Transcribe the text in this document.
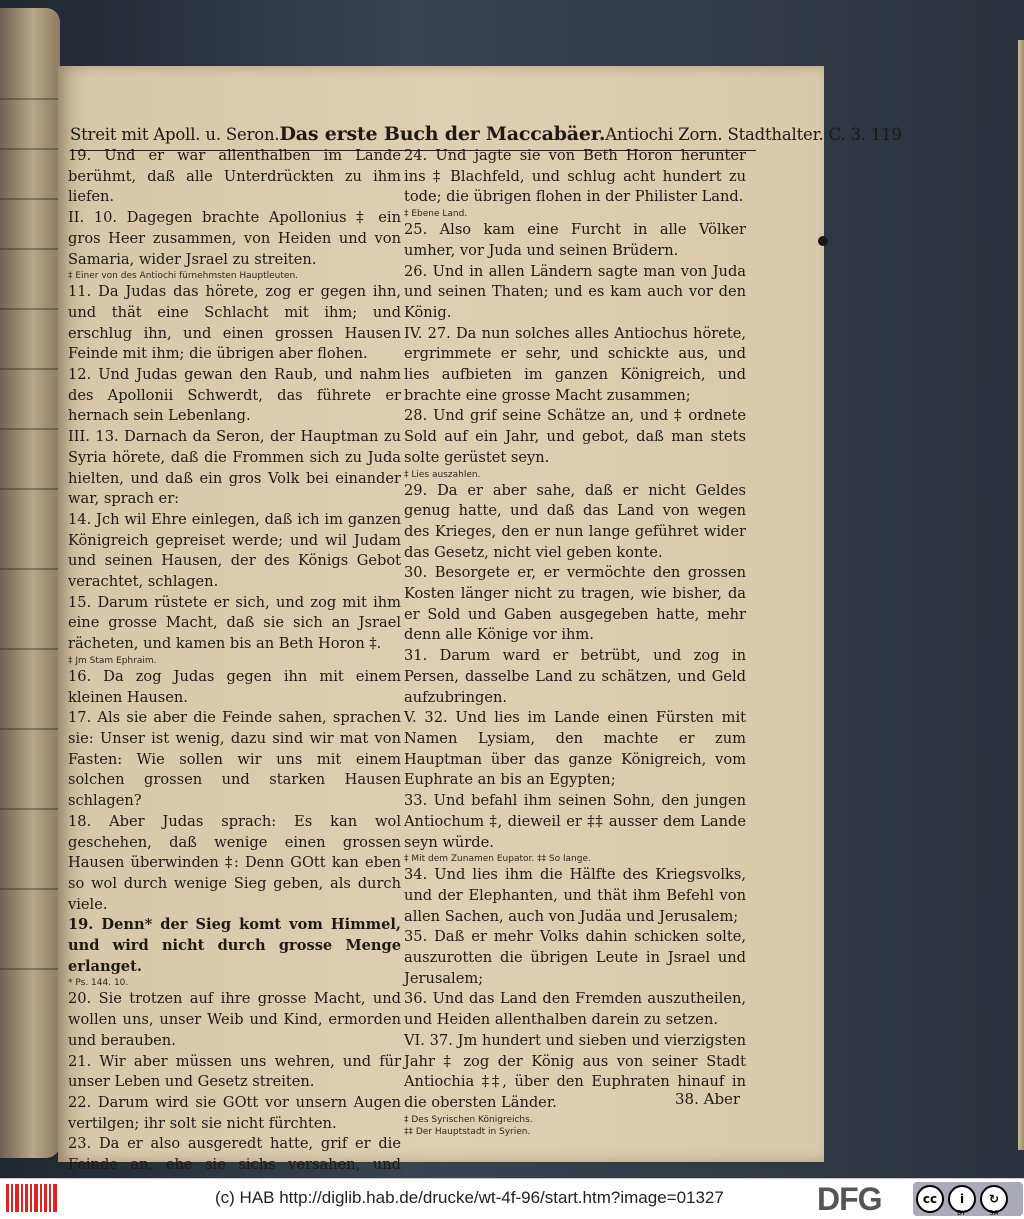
Streit mit Apoll. u. Seron. Das erste Buch der Maccabäer. Antiochi Zorn. Stadthalter. C. 3. 119
19. Und er war allenthalben im Lande berühmt, daß alle Unterdrückten zu ihm liefen.
II. 10. Dagegen brachte Apollonius ‡ ein gros Heer zusammen, von Heiden und von Samaria, wider Jsrael zu streiten.
‡ Einer von des Antiochi fürnehmsten Hauptleuten.
11. Da Judas das hörete, zog er gegen ihn, und thät eine Schlacht mit ihm; und erschlug ihn, und einen grossen Hausen Feinde mit ihm; die übrigen aber flohen.
12. Und Judas gewan den Raub, und nahm des Apollonii Schwerdt, das führete er hernach sein Lebenlang.
III. 13. Darnach da Seron, der Hauptman zu Syria hörete, daß die Frommen sich zu Juda hielten, und daß ein gros Volk bei einander war, sprach er:
14. Jch wil Ehre einlegen, daß ich im ganzen Königreich gepreiset werde; und wil Judam und seinen Hausen, der des Königs Gebot verachtet, schlagen.
15. Darum rüstete er sich, und zog mit ihm eine grosse Macht, daß sie sich an Jsrael rächeten, und kamen bis an Beth Horon ‡.
‡ Jm Stam Ephraim.
16. Da zog Judas gegen ihn mit einem kleinen Hausen.
17. Als sie aber die Feinde sahen, sprachen sie: Unser ist wenig, dazu sind wir mat von Fasten: Wie sollen wir uns mit einem solchen grossen und starken Hausen schlagen?
18. Aber Judas sprach: Es kan wol geschehen, daß wenige einen grossen Hausen überwinden ‡: Denn GOtt kan eben so wol durch wenige Sieg geben, als durch viele.
19. Denn* der Sieg komt vom Himmel, und wird nicht durch grosse Menge erlanget.
* Ps. 144. 10.
20. Sie trotzen auf ihre grosse Macht, und wollen uns, unser Weib und Kind, ermorden und berauben.
21. Wir aber müssen uns wehren, und für unser Leben und Gesetz streiten.
22. Darum wird sie GOtt vor unsern Augen vertilgen; ihr solt sie nicht fürchten.
23. Da er also ausgeredt hatte, grif er die Feinde an, ehe sie sichs versahen, und
24. Und jagte sie von Beth Horon herunter ins ‡ Blachfeld, und schlug acht hundert zu tode; die übrigen flohen in der Philister Land.
‡ Ebene Land.
25. Also kam eine Furcht in alle Völker umher, vor Juda und seinen Brüdern.
26. Und in allen Ländern sagte man von Juda und seinen Thaten; und es kam auch vor den König.
IV. 27. Da nun solches alles Antiochus hörete, ergrimmete er sehr, und schickte aus, und lies aufbieten im ganzen Königreich, und brachte eine grosse Macht zusammen;
28. Und grif seine Schätze an, und ‡ ordnete Sold auf ein Jahr, und gebot, daß man stets solte gerüstet seyn.
‡ Lies auszahlen.
29. Da er aber sahe, daß er nicht Geldes genug hatte, und daß das Land von wegen des Krieges, den er nun lange geführet wider das Gesetz, nicht viel geben konte.
30. Besorgete er, er vermöchte den grossen Kosten länger nicht zu tragen, wie bisher, da er Sold und Gaben ausgegeben hatte, mehr denn alle Könige vor ihm.
31. Darum ward er betrübt, und zog in Persen, dasselbe Land zu schätzen, und Geld aufzubringen.
V. 32. Und lies im Lande einen Fürsten mit Namen Lysiam, den machte er zum Hauptman über das ganze Königreich, vom Euphrate an bis an Egypten;
33. Und befahl ihm seinen Sohn, den jungen Antiochum ‡, dieweil er ‡‡ ausser dem Lande seyn würde.
‡ Mit dem Zunamen Eupator. ‡‡ So lange.
34. Und lies ihm die Hälfte des Kriegsvolks, und der Elephanten, und thät ihm Befehl von allen Sachen, auch von Judäa und Jerusalem;
35. Daß er mehr Volks dahin schicken solte, auszurotten die übrigen Leute in Jsrael und Jerusalem;
36. Und das Land den Fremden auszutheilen, und Heiden allenthalben darein zu setzen.
VI. 37. Jm hundert und sieben und vierzigsten Jahr ‡ zog der König aus von seiner Stadt Antiochia ‡‡, über den Euphraten hinauf in die obersten Länder.
‡ Des Syrischen Königreichs.
‡‡ Der Hauptstadt in Syrien.
38. Aber
(c) HAB http://diglib.hab.de/drucke/wt-4f-96/start.htm?image=01327	DFG	cc	i	↻
BY	SA
